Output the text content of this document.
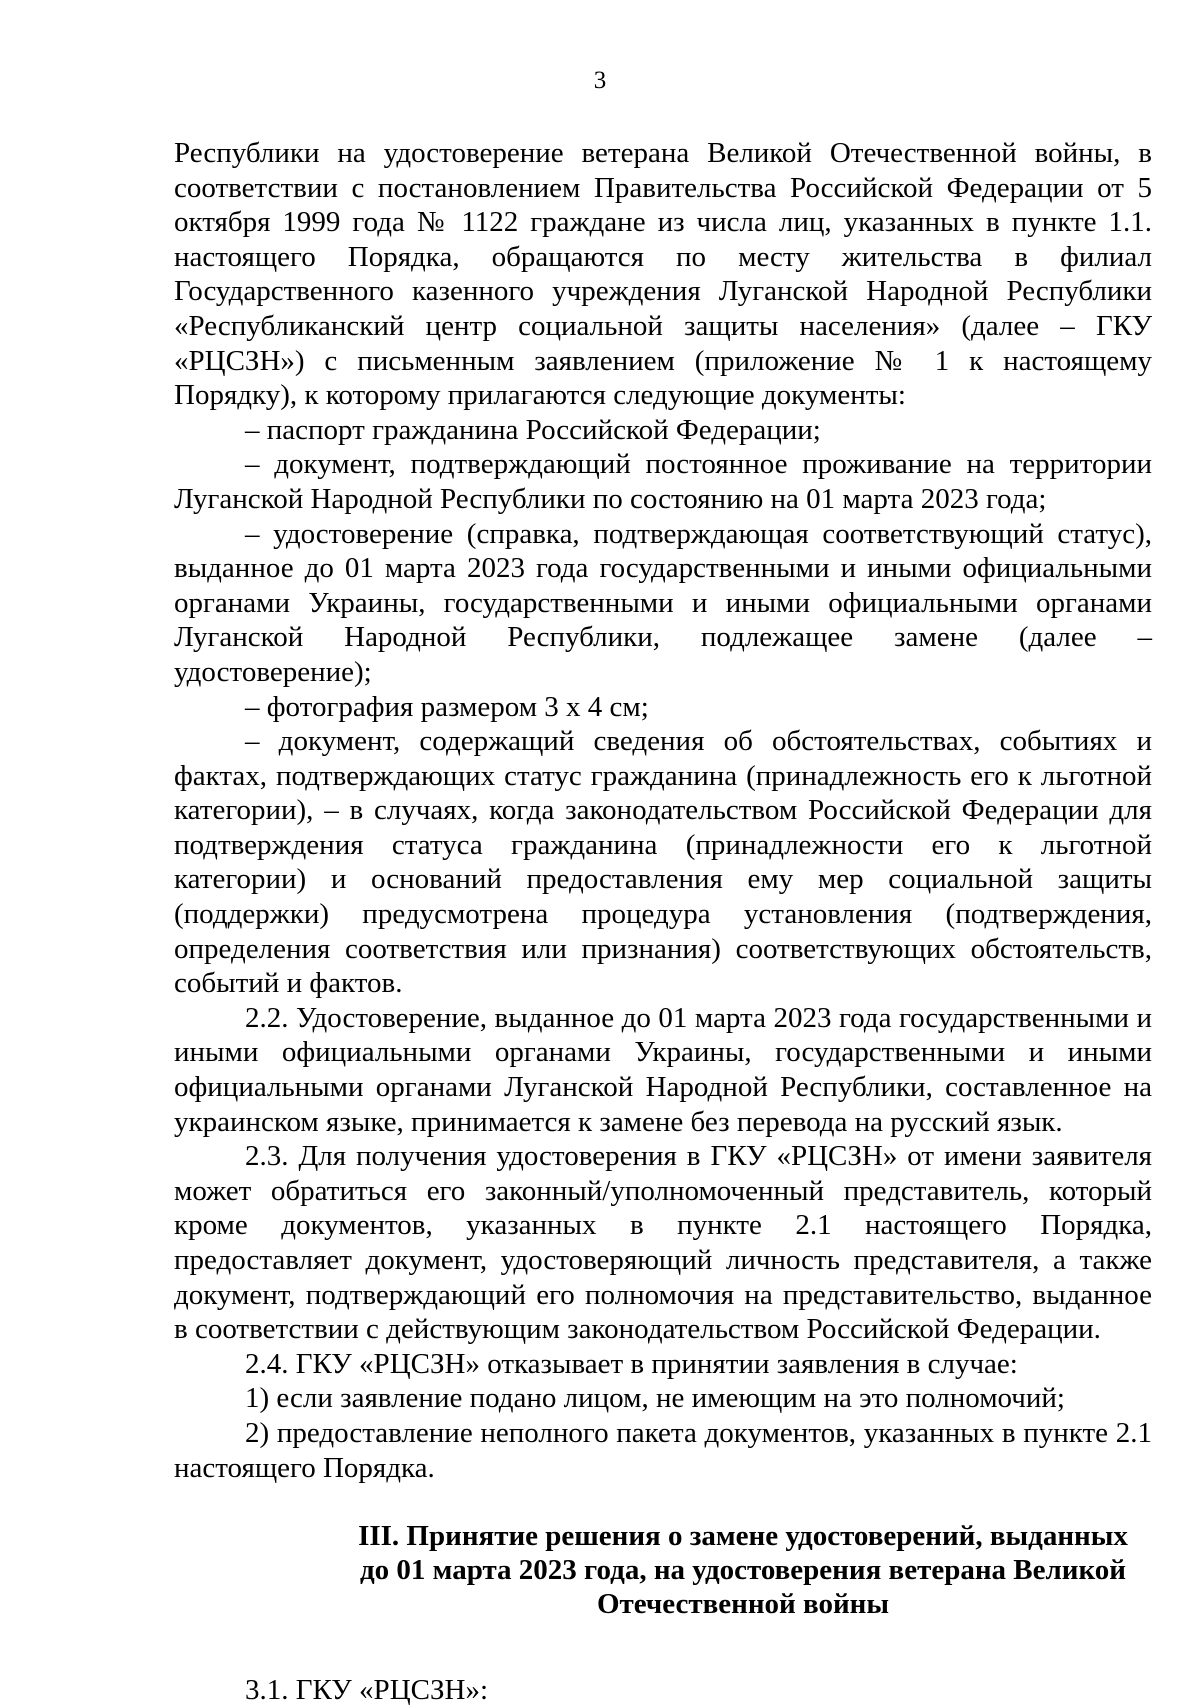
3

Республики на удостоверение ветерана Великой Отечественной войны, в соответствии с постановлением Правительства Российской Федерации от 5 октября 1999 года № 1122 граждане из числа лиц, указанных в пункте 1.1. настоящего Порядка, обращаются по месту жительства в филиал Государственного казенного учреждения Луганской Народной Республики «Республиканский центр социальной защиты населения» (далее – ГКУ «РЦСЗН») с письменным заявлением (приложение № 1 к настоящему Порядку), к которому прилагаются следующие документы:

– паспорт гражданина Российской Федерации;

– документ, подтверждающий постоянное проживание на территории Луганской Народной Республики по состоянию на 01 марта 2023 года;

– удостоверение (справка, подтверждающая соответствующий статус), выданное до 01 марта 2023 года государственными и иными официальными органами Украины, государственными и иными официальными органами Луганской Народной Республики, подлежащее замене (далее – удостоверение);

– фотография размером 3 х 4 см;

– документ, содержащий сведения об обстоятельствах, событиях и фактах, подтверждающих статус гражданина (принадлежность его к льготной категории), – в случаях, когда законодательством Российской Федерации для подтверждения статуса гражданина (принадлежности его к льготной категории) и оснований предоставления ему мер социальной защиты (поддержки) предусмотрена процедура установления (подтверждения, определения соответствия или признания) соответствующих обстоятельств, событий и фактов.

2.2. Удостоверение, выданное до 01 марта 2023 года государственными и иными официальными органами Украины, государственными и иными официальными органами Луганской Народной Республики, составленное на украинском языке, принимается к замене без перевода на русский язык.

2.3. Для получения удостоверения в ГКУ «РЦСЗН» от имени заявителя может обратиться его законный/уполномоченный представитель, который кроме документов, указанных в пункте 2.1 настоящего Порядка, предоставляет документ, удостоверяющий личность представителя, а также документ, подтверждающий его полномочия на представительство, выданное в соответствии с действующим законодательством Российской Федерации.

2.4. ГКУ «РЦСЗН» отказывает в принятии заявления в случае:

1) если заявление подано лицом, не имеющим на это полномочий;

2) предоставление неполного пакета документов, указанных в пункте 2.1 настоящего Порядка.

III. Принятие решения о замене удостоверений, выданных
до 01 марта 2023 года, на удостоверения ветерана Великой
Отечественной войны

3.1. ГКУ «РЦСЗН»:
